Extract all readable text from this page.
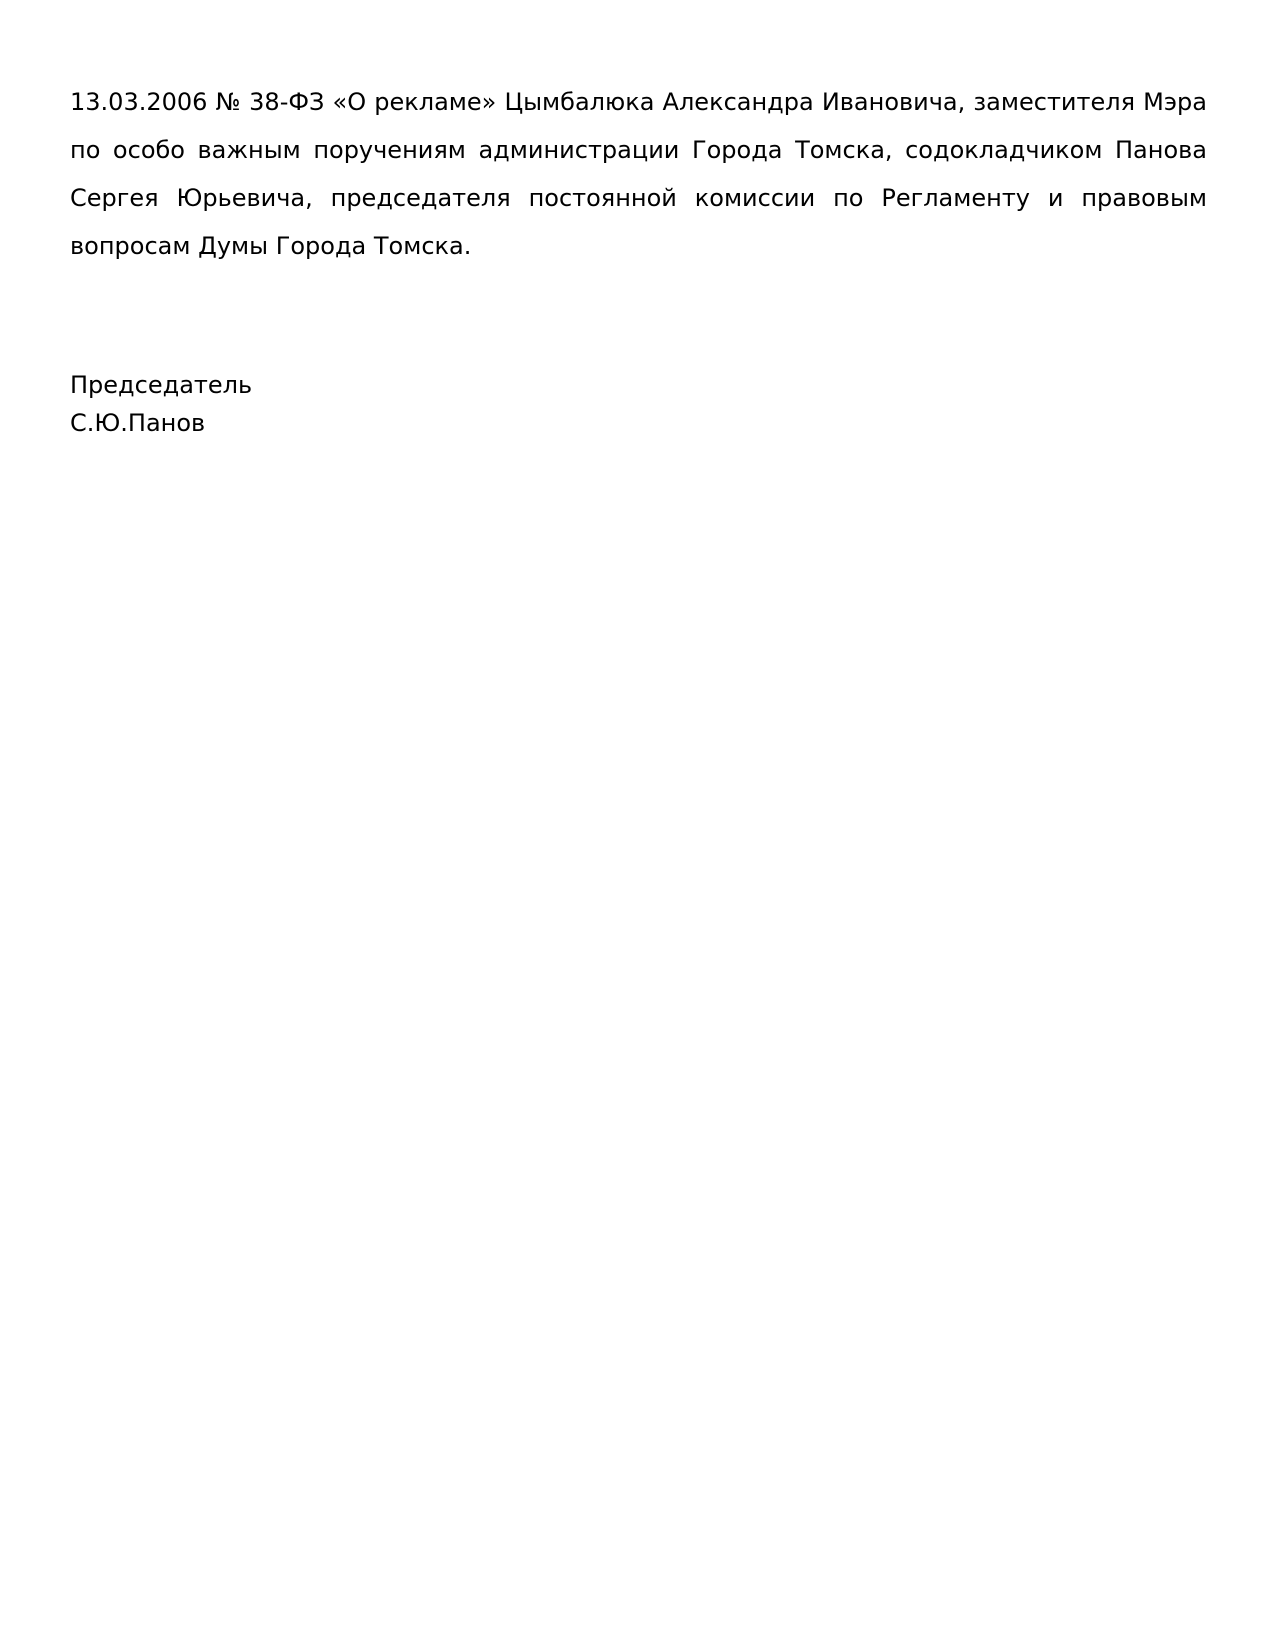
13.03.2006 № 38-ФЗ «О рекламе» Цымбалюка Александра Ивановича, заместителя Мэра по особо важным поручениям администрации Города Томска, содокладчиком Панова Сергея Юрьевича, председателя постоянной комиссии по Регламенту и правовым вопросам Думы Города Томска.

Председатель
С.Ю.Панов
